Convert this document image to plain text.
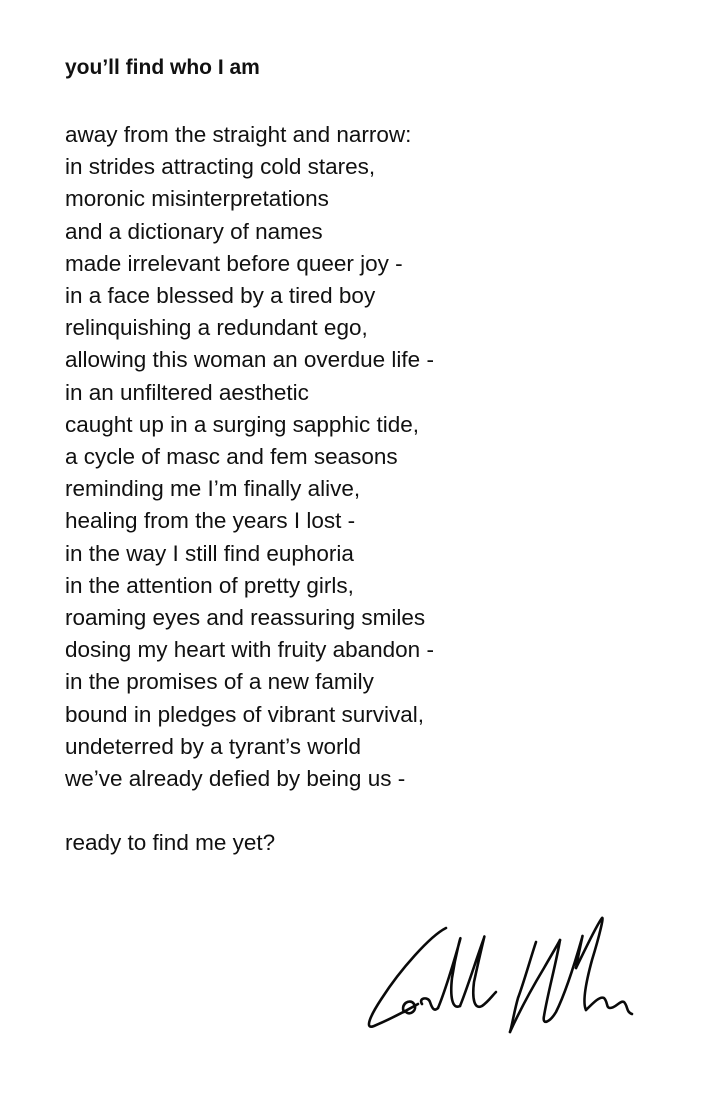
you’ll find who I am
away from the straight and narrow:
in strides attracting cold stares,
moronic misinterpretations
and a dictionary of names
made irrelevant before queer joy -
in a face blessed by a tired boy
relinquishing a redundant ego,
allowing this woman an overdue life -
in an unfiltered aesthetic
caught up in a surging sapphic tide,
a cycle of masc and fem seasons
reminding me I’m finally alive,
healing from the years I lost -
in the way I still find euphoria
in the attention of pretty girls,
roaming eyes and reassuring smiles
dosing my heart with fruity abandon -
in the promises of a new family
bound in pledges of vibrant survival,
undeterred by a tyrant’s world
we’ve already defied by being us -
ready to find me yet?
